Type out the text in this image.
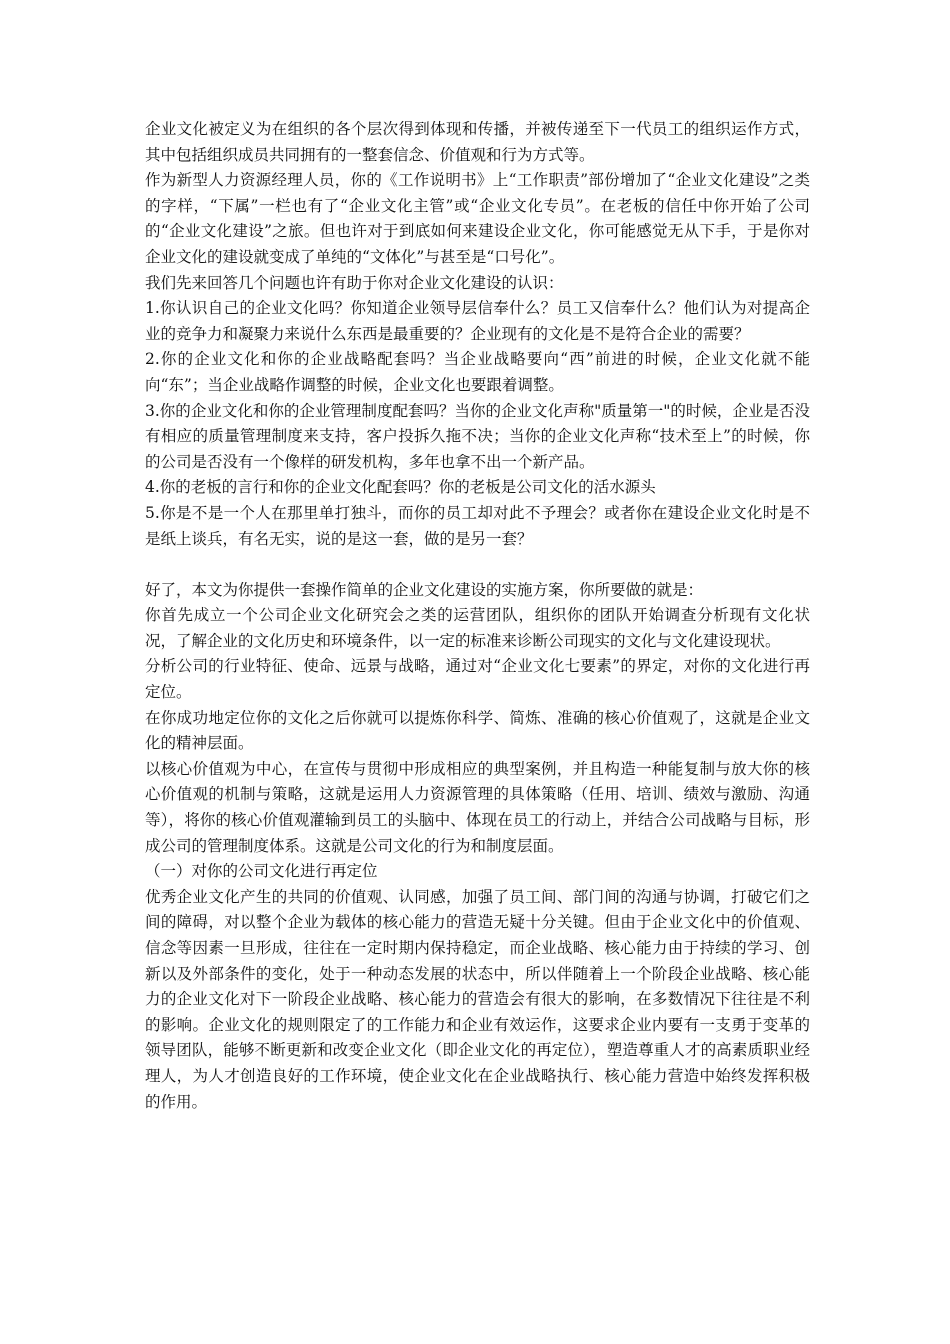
企业文化被定义为在组织的各个层次得到体现和传播，并被传递至下一代员工的组织运作方式，其中包括组织成员共同拥有的一整套信念、价值观和行为方式等。

作为新型人力资源经理人员，你的《工作说明书》上“工作职责”部份增加了“企业文化建设”之类的字样，“下属”一栏也有了“企业文化主管”或“企业文化专员”。在老板的信任中你开始了公司的“企业文化建设”之旅。但也许对于到底如何来建设企业文化，你可能感觉无从下手，于是你对企业文化的建设就变成了单纯的“文体化”与甚至是“口号化”。

我们先来回答几个问题也许有助于你对企业文化建设的认识：

1.你认识自己的企业文化吗？你知道企业领导层信奉什么？员工又信奉什么？他们认为对提高企业的竞争力和凝聚力来说什么东西是最重要的？企业现有的文化是不是符合企业的需要？

2.你的企业文化和你的企业战略配套吗？当企业战略要向“西”前进的时候，企业文化就不能向“东”；当企业战略作调整的时候，企业文化也要跟着调整。

3.你的企业文化和你的企业管理制度配套吗？当你的企业文化声称"质量第一"的时候，企业是否没有相应的质量管理制度来支持，客户投拆久拖不决；当你的企业文化声称“技术至上”的时候，你的公司是否没有一个像样的研发机构，多年也拿不出一个新产品。

4.你的老板的言行和你的企业文化配套吗？你的老板是公司文化的活水源头

5.你是不是一个人在那里单打独斗，而你的员工却对此不予理会？或者你在建设企业文化时是不是纸上谈兵，有名无实，说的是这一套，做的是另一套？

好了，本文为你提供一套操作简单的企业文化建设的实施方案，你所要做的就是：

你首先成立一个公司企业文化研究会之类的运营团队，组织你的团队开始调查分析现有文化状况，了解企业的文化历史和环境条件，以一定的标准来诊断公司现实的文化与文化建设现状。

分析公司的行业特征、使命、远景与战略，通过对“企业文化七要素”的界定，对你的文化进行再定位。

在你成功地定位你的文化之后你就可以提炼你科学、简炼、准确的核心价值观了，这就是企业文化的精神层面。

以核心价值观为中心，在宣传与贯彻中形成相应的典型案例，并且构造一种能复制与放大你的核心价值观的机制与策略，这就是运用人力资源管理的具体策略（任用、培训、绩效与激励、沟通等），将你的核心价值观灌输到员工的头脑中、体现在员工的行动上，并结合公司战略与目标，形成公司的管理制度体系。这就是公司文化的行为和制度层面。

（一）对你的公司文化进行再定位

优秀企业文化产生的共同的价值观、认同感，加强了员工间、部门间的沟通与协调，打破它们之间的障碍，对以整个企业为载体的核心能力的营造无疑十分关键。但由于企业文化中的价值观、信念等因素一旦形成，往往在一定时期内保持稳定，而企业战略、核心能力由于持续的学习、创新以及外部条件的变化，处于一种动态发展的状态中，所以伴随着上一个阶段企业战略、核心能力的企业文化对下一阶段企业战略、核心能力的营造会有很大的影响，在多数情况下往往是不利的影响。企业文化的规则限定了的工作能力和企业有效运作，这要求企业内要有一支勇于变革的领导团队，能够不断更新和改变企业文化（即企业文化的再定位），塑造尊重人才的高素质职业经理人，为人才创造良好的工作环境，使企业文化在企业战略执行、核心能力营造中始终发挥积极的作用。
